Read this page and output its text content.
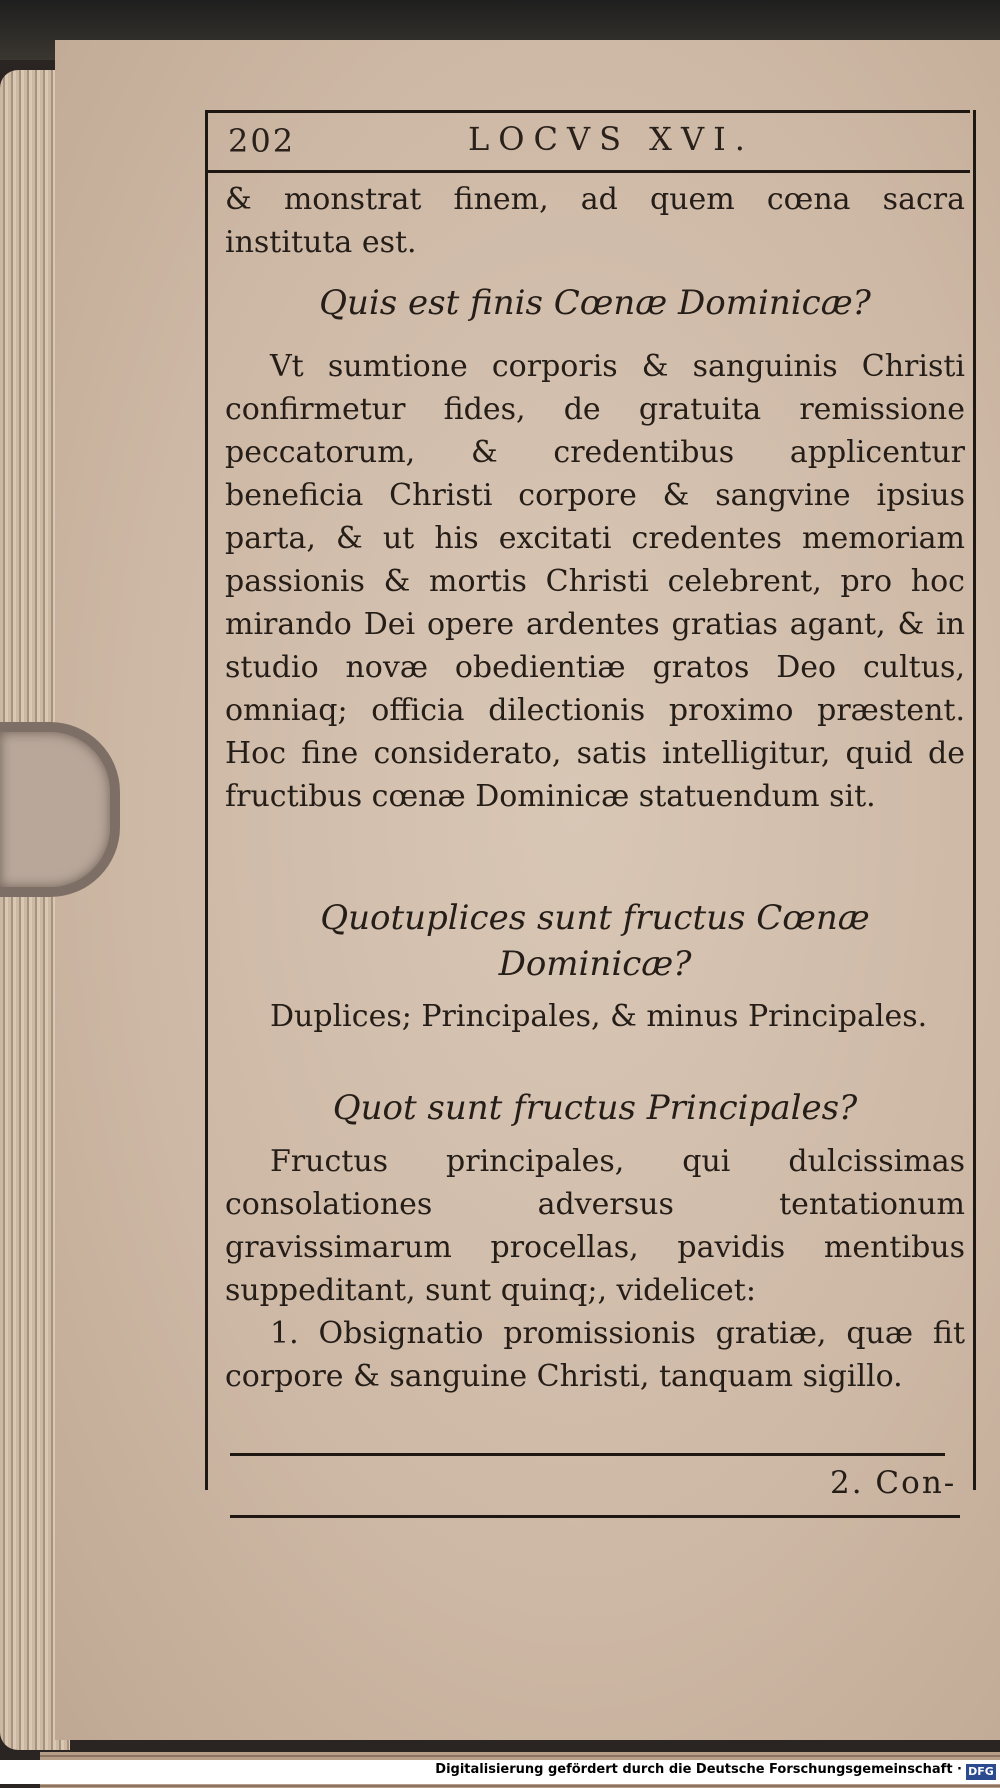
202	LOCVS XVI.
& monstrat finem, ad quem cœna sacra instituta est.
Quis est finis Cœnæ Dominicæ?
Vt sumtione corporis & sanguinis Christi confirmetur fides, de gratuita remissione peccatorum, & credentibus applicentur beneficia Christi corpore & sangvine ipsius parta, & ut his excitati credentes memoriam passionis & mortis Christi celebrent, pro hoc mirando Dei opere ardentes gratias agant, & in studio novæ obedientiæ gratos Deo cultus, omniaq; officia dilectionis proximo præstent. Hoc fine considerato, satis intelligitur, quid de fructibus cœnæ Dominicæ statuendum sit.
Quotuplices sunt fructus Cœnæ Dominicæ?
Duplices; Principales, & minus Principales.
Quot sunt fructus Principales?
Fructus principales, qui dulcissimas consolationes adversus tentationum gravissimarum procellas, pavidis mentibus suppeditant, sunt quinq;, videlicet:
1. Obsignatio promissionis gratiæ, quæ fit corpore & sanguine Christi, tanquam sigillo.
2. Con-
Digitalisierung gefördert durch die Deutsche Forschungsgemeinschaft · DFG
